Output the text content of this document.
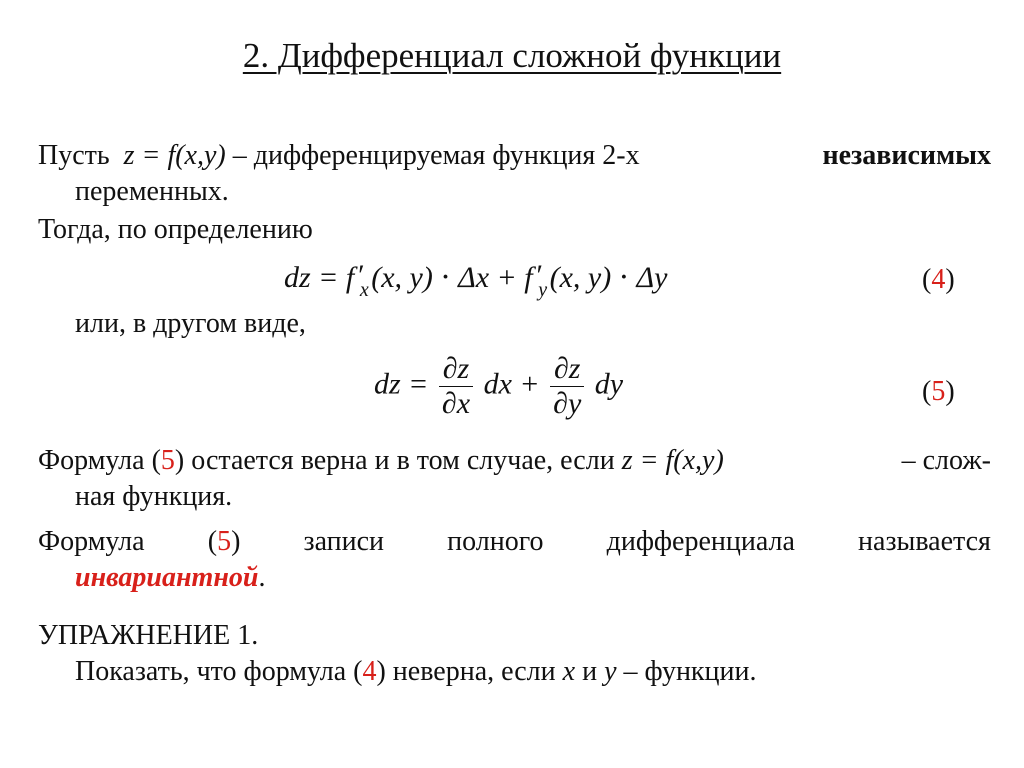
2. Дифференциал сложной функции
Пусть z = f(x,y) – дифференцируемая функция 2-х	независимых
переменных.
Тогда, по определению
dz = $f'_x$ (x, $y) \cdot \Delta x + f'_y$ (x, y) ⋅ Δy	(4)
или, в другом виде,
dz = $\frac{\partial z}{\partial x}$ dx + $\frac{\partial z}{\partial y}$ dy	(5)
Формула (5) остается верна и в том случае, если z = f(x,y)	– слож-
ная функция.
Формула (5) записи полного дифференциала называется
инвариантной.
УПРАЖНЕНИЕ 1.
Показать, что формула (4) неверна, если x и y – функции.
